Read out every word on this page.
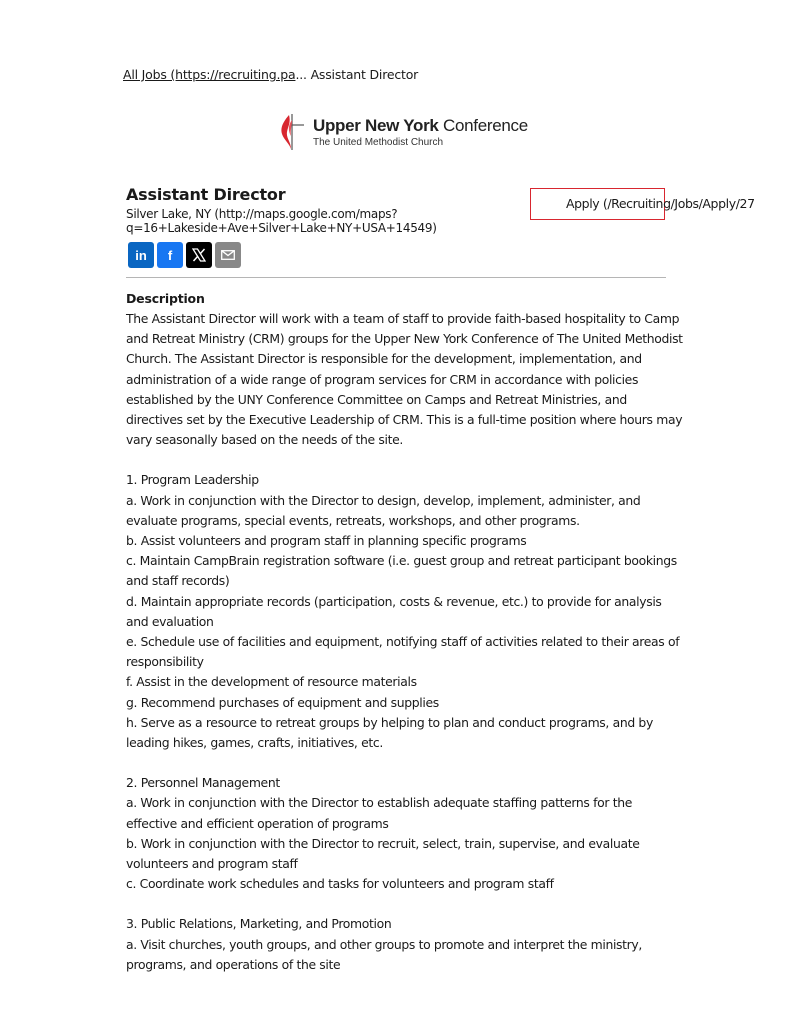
All Jobs (https://recruiting.pa... Assistant Director
Upper New York Conference
The United Methodist Church
Assistant Director
Silver Lake, NY (http://maps.google.com/maps?q=16+Lakeside+Ave+Silver+Lake+NY+USA+14549)
Apply (/Recruiting/Jobs/Apply/27
in f
Description

The Assistant Director will work with a team of staff to provide faith-based hospitality to Camp and Retreat Ministry (CRM) groups for the Upper New York Conference of The United Methodist Church. The Assistant Director is responsible for the development, implementation, and administration of a wide range of program services for CRM in accordance with policies established by the UNY Conference Committee on Camps and Retreat Ministries, and directives set by the Executive Leadership of CRM. This is a full-time position where hours may vary seasonally based on the needs of the site.

1. Program Leadership

a. Work in conjunction with the Director to design, develop, implement, administer, and evaluate programs, special events, retreats, workshops, and other programs.

b. Assist volunteers and program staff in planning specific programs

c. Maintain CampBrain registration software (i.e. guest group and retreat participant bookings and staff records)

d. Maintain appropriate records (participation, costs & revenue, etc.) to provide for analysis and evaluation

e. Schedule use of facilities and equipment, notifying staff of activities related to their areas of responsibility

f. Assist in the development of resource materials

g. Recommend purchases of equipment and supplies

h. Serve as a resource to retreat groups by helping to plan and conduct programs, and by leading hikes, games, crafts, initiatives, etc.

2. Personnel Management

a. Work in conjunction with the Director to establish adequate staffing patterns for the effective and efficient operation of programs

b. Work in conjunction with the Director to recruit, select, train, supervise, and evaluate volunteers and program staff

c. Coordinate work schedules and tasks for volunteers and program staff

3. Public Relations, Marketing, and Promotion

a. Visit churches, youth groups, and other groups to promote and interpret the ministry, programs, and operations of the site
